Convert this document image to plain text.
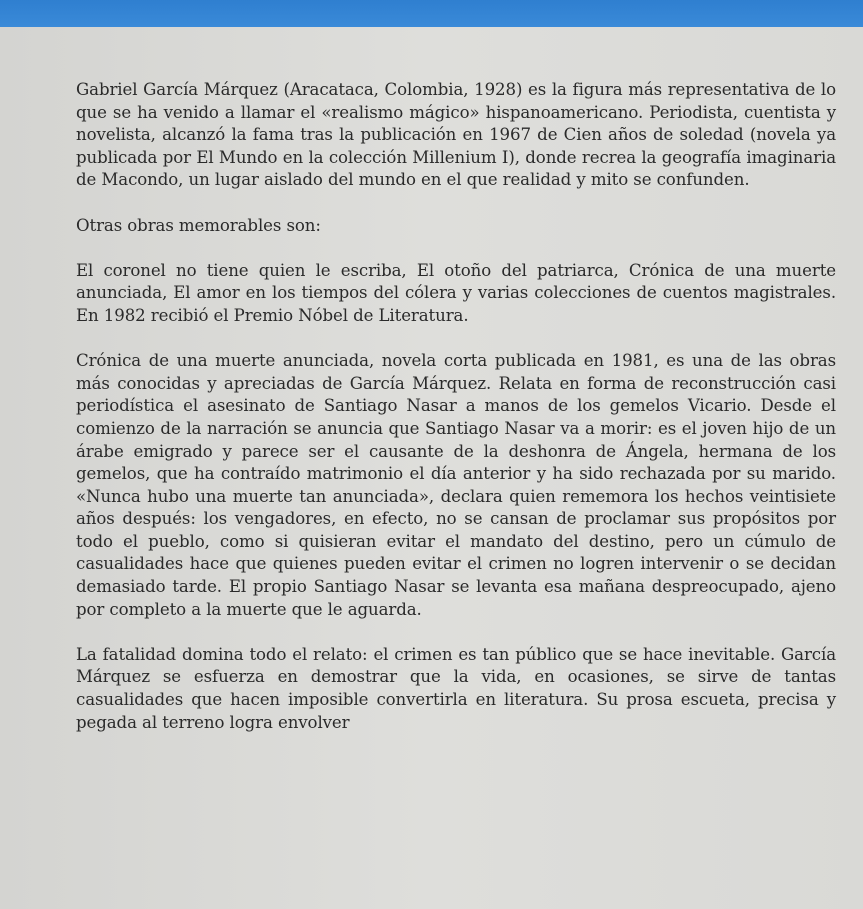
Gabriel García Márquez (Aracataca, Colombia, 1928) es la figura más representativa de lo que se ha venido a llamar el «realismo mágico» hispanoamericano. Periodista, cuentista y novelista, alcanzó la fama tras la publicación en 1967 de Cien años de soledad (novela ya publicada por El Mundo en la colección Millenium I), donde recrea la geografía imaginaria de Macondo, un lugar aislado del mundo en el que realidad y mito se confunden.

Otras obras memorables son:

El coronel no tiene quien le escriba, El otoño del patriarca, Crónica de una muerte anunciada, El amor en los tiempos del cólera y varias colecciones de cuentos magistrales. En 1982 recibió el Premio Nóbel de Literatura.

Crónica de una muerte anunciada, novela corta publicada en 1981, es una de las obras más conocidas y apreciadas de García Márquez. Relata en forma de reconstrucción casi periodística el asesinato de Santiago Nasar a manos de los gemelos Vicario. Desde el comienzo de la narración se anuncia que Santiago Nasar va a morir: es el joven hijo de un árabe emigrado y parece ser el causante de la deshonra de Ángela, hermana de los gemelos, que ha contraído matrimonio el día anterior y ha sido rechazada por su marido. «Nunca hubo una muerte tan anunciada», declara quien rememora los hechos veintisiete años después: los vengadores, en efecto, no se cansan de proclamar sus propósitos por todo el pueblo, como si quisieran evitar el mandato del destino, pero un cúmulo de casualidades hace que quienes pueden evitar el crimen no logren intervenir o se decidan demasiado tarde. El propio Santiago Nasar se levanta esa mañana despreocupado, ajeno por completo a la muerte que le aguarda.

La fatalidad domina todo el relato: el crimen es tan público que se hace inevitable. García Márquez se esfuerza en demostrar que la vida, en ocasiones, se sirve de tantas casualidades que hacen imposible convertirla en literatura. Su prosa escueta, precisa y pegada al terreno logra envolver
